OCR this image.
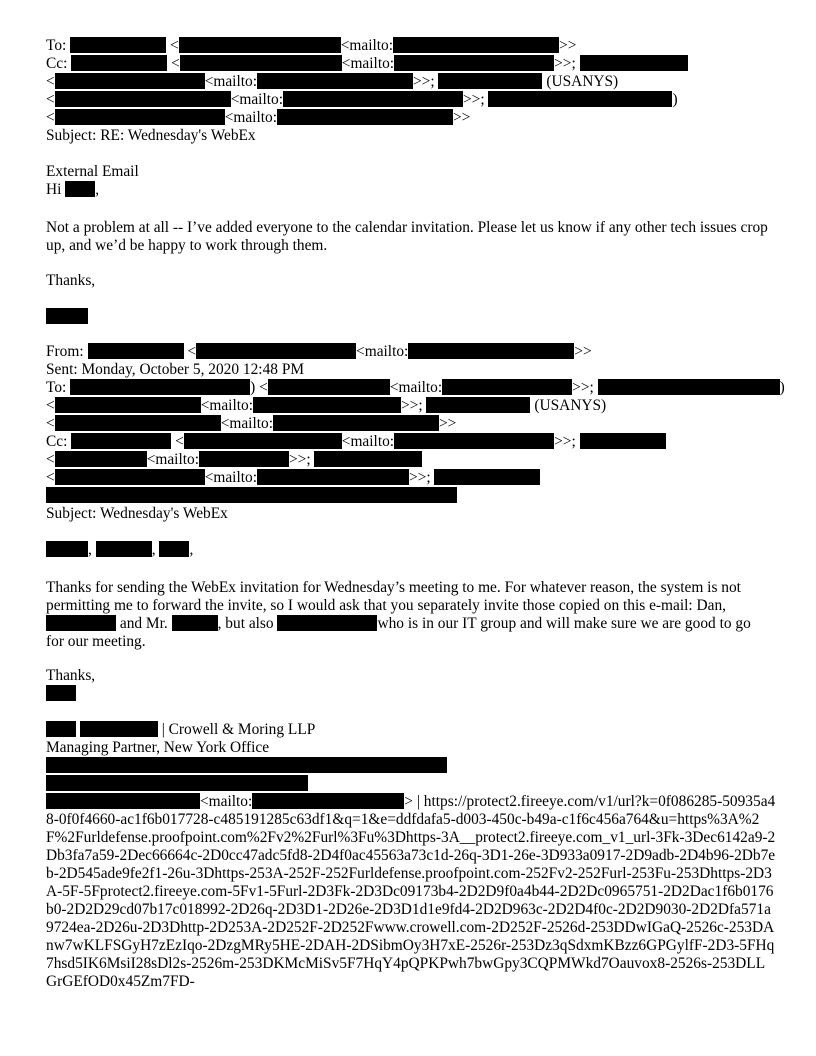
To:	<	<mailto:	>>
Cc:	<	<mailto:	>>;
<	<mailto:	>>;	(USANYS)
<	<mailto:	>>;	)
<	<mailto:	>>
Subject: RE: Wednesday's WebEx
External Email
Hi ,
Not a problem at all -- I’ve added everyone to the calendar invitation. Please let us know if any other tech issues crop up, and we’d be happy to work through them.
Thanks,
From:	<	<mailto:	>>
Sent: Monday, October 5, 2020 12:48 PM
To:	) <	<mailto:	>>;	)
<	<mailto:	>>;	(USANYS)
<	<mailto:	>>
Cc:	<	<mailto:	>>;
<	<mailto:	>>;
<	<mailto:	>>;
Subject: Wednesday's WebEx
,	, ,
Thanks for sending the WebEx invitation for Wednesday’s meeting to me. For whatever reason, the system is not permitting me to forward the invite, so I would ask that you separately invite those copied on this e-mail: Dan,  and Mr.	, but also	who is in our IT group and will make sure we are good to go for our meeting.
Thanks,
| Crowell & Moring LLP
Managing Partner, New York Office
<mailto:	> | https://protect2.fireeye.com/v1/url?k=0f086285-50935a48-0f0f4660-ac1f6b017728-c485191285c63df1&q=1&e=ddfdafa5-d003-450c-b49a-c1f6c456a764&u=https%3A%2F%2Furldefense.proofpoint.com%2Fv2%2Furl%3Fu%3Dhttps-3A__protect2.fireeye.com_v1_url-3Fk-3Dec6142a9-2Db3fa7a59-2Dec66664c-2D0cc47adc5fd8-2D4f0ac45563a73c1d-26q-3D1-26e-3D933a0917-2D9adb-2D4b96-2Db7eb-2D545ade9fe2f1-26u-3Dhttps-253A-252F-252Furldefense.proofpoint.com-252Fv2-252Furl-253Fu-253Dhttps-2D3A-5F-5Fprotect2.fireeye.com-5Fv1-5Furl-2D3Fk-2D3Dc09173b4-2D2D9f0a4b44-2D2Dc0965751-2D2Dac1f6b0176b0-2D2D29cd07b17c018992-2D26q-2D3D1-2D26e-2D3D1d1e9fd4-2D2D963c-2D2D4f0c-2D2D9030-2D2Dfa571a9724ea-2D26u-2D3Dhttp-2D253A-2D252F-2D252Fwww.crowell.com-2D252F-2526d-253DDwIGaQ-2526c-253DAnw7wKLFSGyH7zEzIqo-2DzgMRy5HE-2DAH-2DSibmOy3H7xE-2526r-253Dz3qSdxmKBzz6GPGylfF-2D3-5FHq7hsd5IK6MsiI28sDl2s-2526m-253DKMcMiSv5F7HqY4pQPKPwh7bwGpy3CQPMWkd7Oauvox8-2526s-253DLLGrGEfOD0x45Zm7FD-
